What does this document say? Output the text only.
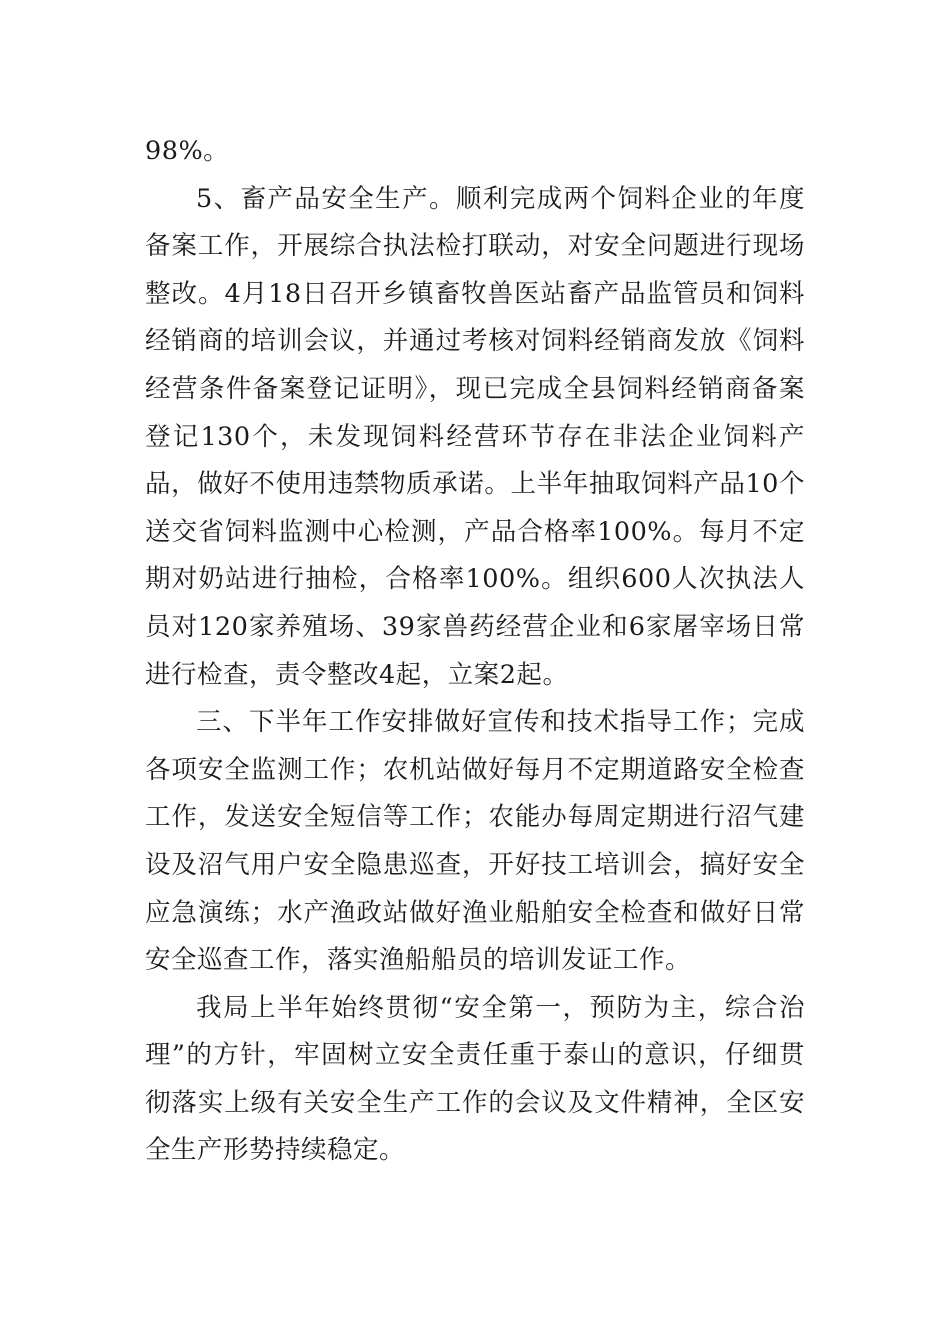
98%。

5、畜产品安全生产。顺利完成两个饲料企业的年度备案工作，开展综合执法检打联动，对安全问题进行现场整改。4月18日召开乡镇畜牧兽医站畜产品监管员和饲料经销商的培训会议，并通过考核对饲料经销商发放《饲料经营条件备案登记证明》，现已完成全县饲料经销商备案登记130个，未发现饲料经营环节存在非法企业饲料产品，做好不使用违禁物质承诺。上半年抽取饲料产品10个送交省饲料监测中心检测，产品合格率100%。每月不定期对奶站进行抽检，合格率100%。组织600人次执法人员对120家养殖场、39家兽药经营企业和6家屠宰场日常进行检查，责令整改4起，立案2起。

三、下半年工作安排做好宣传和技术指导工作；完成各项安全监测工作；农机站做好每月不定期道路安全检查工作，发送安全短信等工作；农能办每周定期进行沼气建设及沼气用户安全隐患巡查，开好技工培训会，搞好安全应急演练；水产渔政站做好渔业船舶安全检查和做好日常安全巡查工作，落实渔船船员的培训发证工作。

我局上半年始终贯彻“安全第一，预防为主，综合治理”的方针，牢固树立安全责任重于泰山的意识，仔细贯彻落实上级有关安全生产工作的会议及文件精神，全区安全生产形势持续稳定。
